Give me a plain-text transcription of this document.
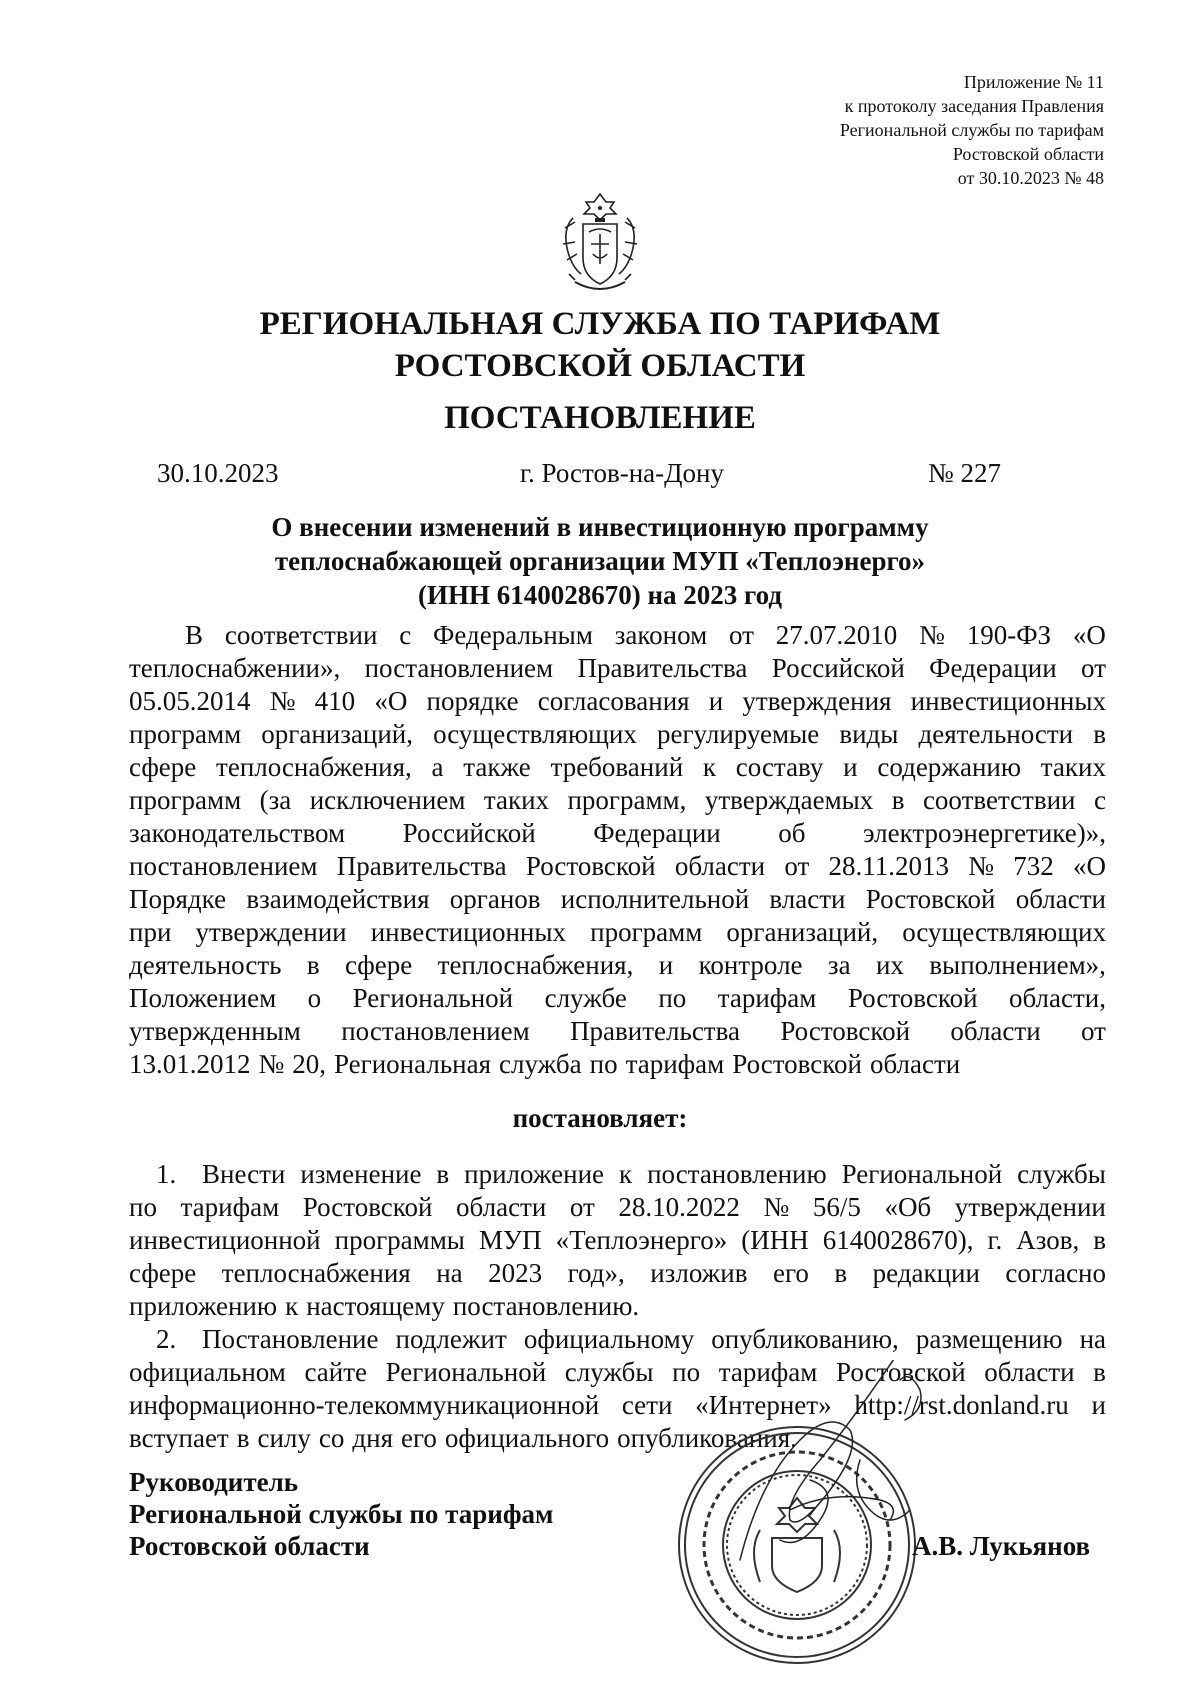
Приложение № 11
к протоколу заседания Правления
Региональной службы по тарифам
Ростовской области
от 30.10.2023 № 48
РЕГИОНАЛЬНАЯ СЛУЖБА ПО ТАРИФАМ
РОСТОВСКОЙ ОБЛАСТИ
ПОСТАНОВЛЕНИЕ
30.10.2023	г. Ростов-на-Дону	№ 227
О внесении изменений в инвестиционную программу
теплоснабжающей организации МУП «Теплоэнерго»
(ИНН 6140028670) на 2023 год
В соответствии с Федеральным законом от 27.07.2010 № 190-ФЗ «О
теплоснабжении», постановлением Правительства Российской Федерации от
05.05.2014 № 410 «О порядке согласования и утверждения инвестиционных
программ организаций, осуществляющих регулируемые виды деятельности в
сфере теплоснабжения, а также требований к составу и содержанию таких
программ (за исключением таких программ, утверждаемых в соответствии с
законодательством Российской Федерации об электроэнергетике)»,
постановлением Правительства Ростовской области от 28.11.2013 № 732 «О
Порядке взаимодействия органов исполнительной власти Ростовской области
при утверждении инвестиционных программ организаций, осуществляющих
деятельность в сфере теплоснабжения, и контроле за их выполнением»,
Положением о Региональной службе по тарифам Ростовской области,
утвержденным постановлением Правительства Ростовской области от
13.01.2012 № 20, Региональная служба по тарифам Ростовской области
постановляет:
1. Внести изменение в приложение к постановлению Региональной службы
по тарифам Ростовской области от 28.10.2022 № 56/5 «Об утверждении
инвестиционной программы МУП «Теплоэнерго» (ИНН 6140028670), г. Азов, в
сфере теплоснабжения на 2023 год», изложив его в редакции согласно
приложению к настоящему постановлению.
2. Постановление подлежит официальному опубликованию, размещению на
официальном сайте Региональной службы по тарифам Ростовской области в
информационно-телекоммуникационной сети «Интернет» http://rst.donland.ru и
вступает в силу со дня его официального опубликования.
Руководитель
Региональной службы по тарифам
Ростовской области	А.В. Лукьянов
